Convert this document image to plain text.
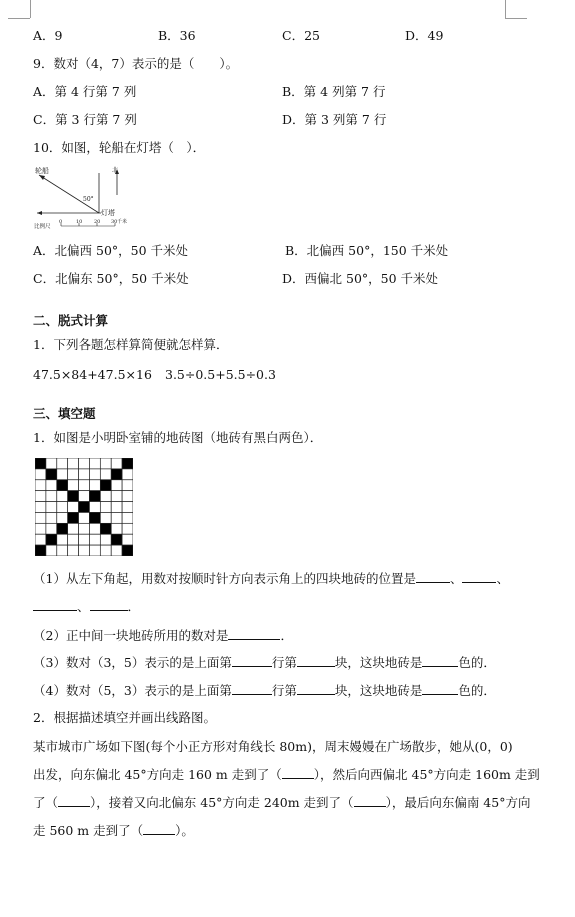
A．9	B．36	C．25	D．49
9．数对（4，7）表示的是（　　）。
A．第 4 行第 7 列	B．第 4 列第 7 行
C．第 3 行第 7 列	D．第 3 列第 7 行
10．如图，轮船在灯塔（　）．
轮船
50°
北
灯塔
比例尺
0	10 20 30 千米
A．北偏西 50°，50 千米处	B．北偏西 50°，150 千米处
C．北偏东 50°，50 千米处	D．西偏北 50°，50 千米处
二、脱式计算
1．下列各题怎样算简便就怎样算．
47.5×84+47.5×16 3.5÷0.5+5.5÷0.3
三、填空题
1．如图是小明卧室铺的地砖图（地砖有黑白两色）．
（1）从左下角起，用数对按顺时针方向表示角上的四块地砖的位置是	、	、
、	．
（2）正中间一块地砖所用的数对是	．
（3）数对（3，5）表示的是上面第	行第	块，这块地砖是	色的．
（4）数对（5，3）表示的是上面第	行第	块，这块地砖是	色的．
2．根据描述填空并画出线路图。
某市城市广场如下图(每个小正方形对角线长 80m)，周末嫚嫚在广场散步，她从(0，0)
出发，向东偏北 45°方向走 160 m 走到了（	），然后向西偏北 45°方向走 160m 走到
了（	），接着又向北偏东 45°方向走 240m 走到了（	），最后向东偏南 45°方向
走 560 m 走到了（	）。
